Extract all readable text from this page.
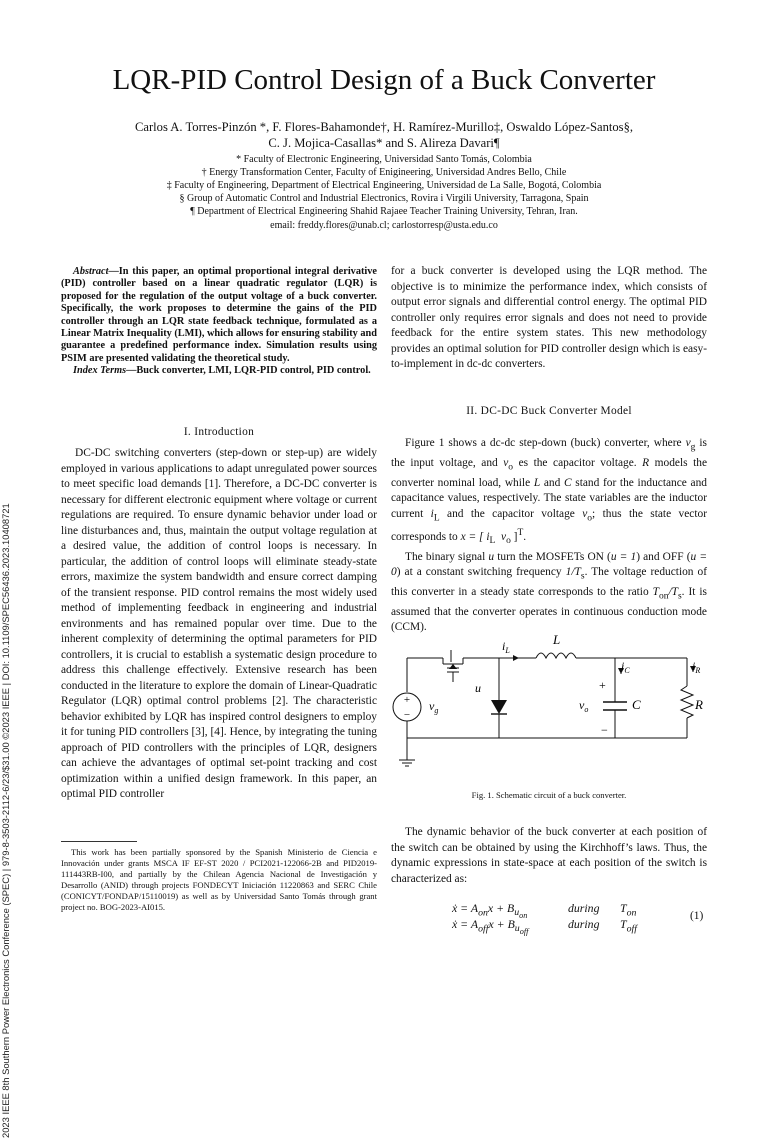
2023 IEEE 8th Southern Power Electronics Conference (SPEC) | 979-8-3503-2112-6/23/$31.00 ©2023 IEEE | DOI: 10.1109/SPEC56436.2023.10408721
LQR-PID Control Design of a Buck Converter
Carlos A. Torres-Pinzón *, F. Flores-Bahamonde†, H. Ramírez-Murillo‡, Oswaldo López-Santos§,
C. J. Mojica-Casallas* and S. Alireza Davari¶
* Faculty of Electronic Engineering, Universidad Santo Tomás, Colombia
† Energy Transformation Center, Faculty of Enigineering, Universidad Andres Bello, Chile
‡ Faculty of Engineering, Department of Electrical Engineering, Universidad de La Salle, Bogotá, Colombia
§ Group of Automatic Control and Industrial Electronics, Rovira i Virgili University, Tarragona, Spain
¶ Department of Electrical Engineering Shahid Rajaee Teacher Training University, Tehran, Iran.
email: freddy.flores@unab.cl; carlostorresp@usta.edu.co

Abstract—In this paper, an optimal proportional integral derivative (PID) controller based on a linear quadratic regulator (LQR) is proposed for the regulation of the output voltage of a buck converter. Specifically, the work proposes to determine the gains of the PID controller through an LQR state feedback technique, formulated as a Linear Matrix Inequality (LMI), which allows for ensuring stability and guarantee a predefined performance index. Simulation results using PSIM are presented validating the theoretical study.

Index Terms—Buck converter, LMI, LQR-PID control, PID control.

I. Introduction

DC-DC switching converters (step-down or step-up) are widely employed in various applications to adapt unregulated power sources to meet specific load demands [1]. Therefore, a DC-DC converter is necessary for different electronic equipment where voltage or current regulations are required. To ensure dynamic behavior under load or line disturbances and, thus, maintain the output voltage regulation at a desired value, the addition of control loops is necessary. In particular, the addition of control loops will eliminate steady-state errors, maximize the system bandwidth and ensure correct damping of the transient response. PID control remains the most widely used method of implementing feedback in engineering and industrial environments and has remained popular over time. Due to the inherent complexity of determining the optimal parameters for PID controllers, it is crucial to establish a systematic design procedure to address this challenge effectively. Extensive research has been conducted in the literature to explore the domain of Linear-Quadratic Regulator (LQR) optimal control problems [2]. The characteristic behavior exhibited by LQR has inspired control designers to employ it for tuning PID controllers [3], [4]. Hence, by integrating the tuning approach of PID controllers with the principles of LQR, designers can achieve the advantages of optimal set-point tracking and cost optimization within a unified design framework. In this paper, an optimal PID controller

This work has been partially sponsored by the Spanish Ministerio de Ciencia e Innovación under grants MSCA IF EF-ST 2020 / PCI2021-122066-2B and PID2019-111443RB-I00, and partially by the Chilean Agencia Nacional de Investigación y Desarrollo (ANID) through projects FONDECYT Iniciación 11220863 and SERC Chile (CONICYT/FONDAP/15110019) as well as by Universidad Santo Tomás through grant project no. BOG-2023-AI015.

for a buck converter is developed using the LQR method. The objective is to minimize the performance index, which consists of output error signals and differential control energy. The optimal PID controller only requires error signals and does not need to provide feedback for the entire system states. This new methodology provides an optimal solution for PID controller design which is easy-to-implement in dc-dc converters.

II. DC-DC Buck Converter Model

Figure 1 shows a dc-dc step-down (buck) converter, where $v_g$ is the input voltage, and $v_o$ es the capacitor voltage. R models the converter nominal load, while L and C stand for the inductance and capacitance values, respectively. The state variables are the inductor current $i_L$ and the capacitor voltage $v_o$; thus the state vector corresponds to x = [ $i_L$ $v_o$ ]$^T$.

The binary signal u turn the MOSFETs ON (u = 1) and OFF (u = 0) at a constant switching frequency $1/T_s$. The voltage reduction of this converter in a steady state corresponds to the ratio $T_{on}/T_s$. It is assumed that the converter operates in continuous conduction mode (CCM).

+
−
$v_g$
$i_L$
L
u
$i_C$	$i_R$
+
−
$v_o$	C	R
Fig. 1. Schematic circuit of a buck converter.

The dynamic behavior of the buck converter at each position of the switch can be obtained by using the Kirchhoff’s laws. Thus, the dynamic expressions in state-space at each position of the switch is characterized as:

ẋ = $A_{on}x + B_{u_{on}}$
during $T_{on}$
ẋ = $A_{off}x + B_{u_{off}}$
during $T_{off}$
(1)
